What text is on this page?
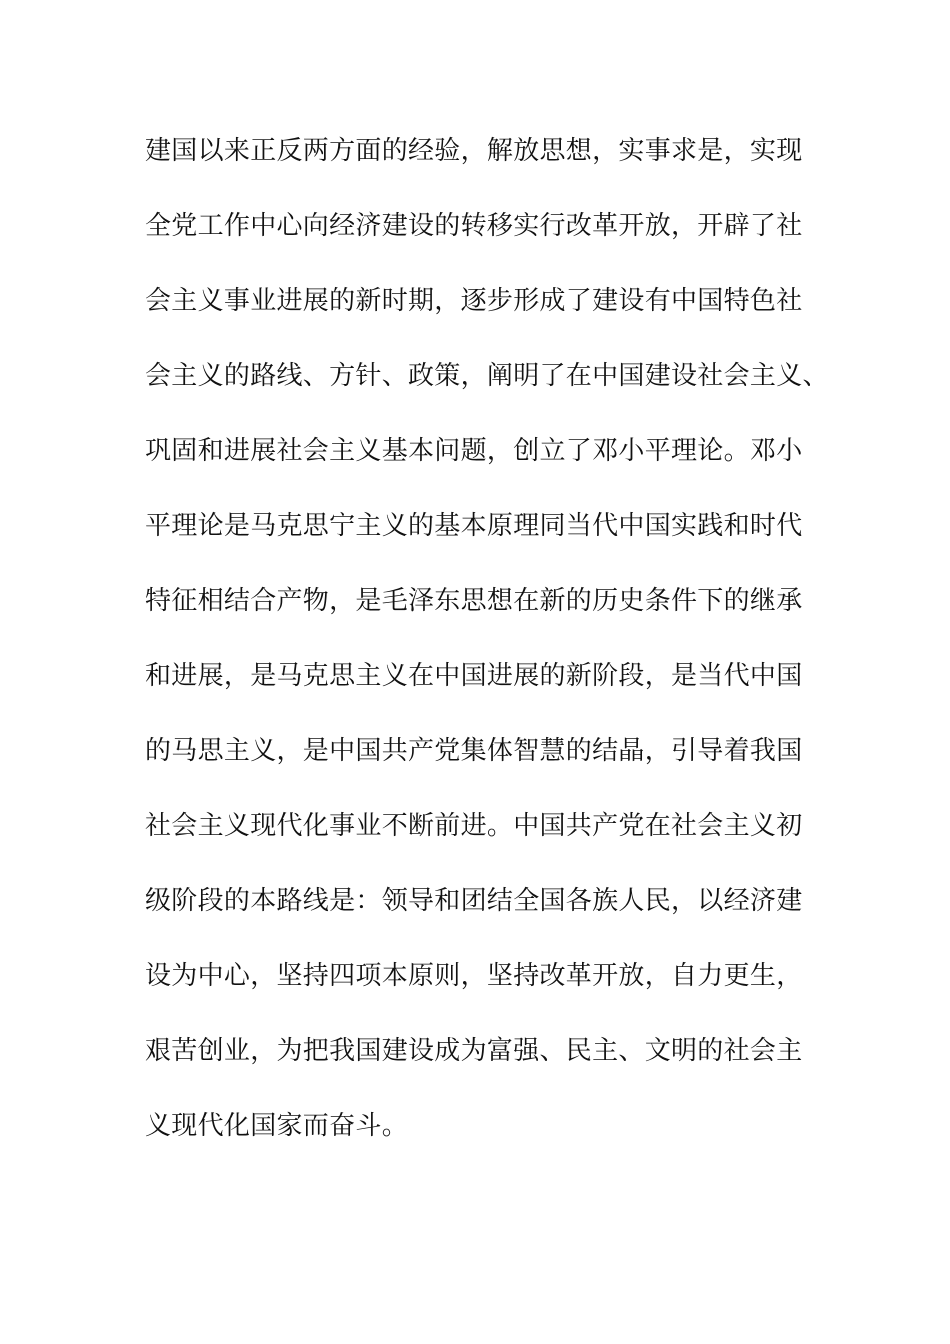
建国以来正反两方面的经验，解放思想，实事求是，实现
全党工作中心向经济建设的转移实行改革开放，开辟了社
会主义事业进展的新时期，逐步形成了建设有中国特色社
会主义的路线、方针、政策，阐明了在中国建设社会主义、
巩固和进展社会主义基本问题，创立了邓小平理论。邓小
平理论是马克思宁主义的基本原理同当代中国实践和时代
特征相结合产物，是毛泽东思想在新的历史条件下的继承
和进展，是马克思主义在中国进展的新阶段，是当代中国
的马思主义，是中国共产党集体智慧的结晶，引导着我国
社会主义现代化事业不断前进。中国共产党在社会主义初
级阶段的本路线是：领导和团结全国各族人民，以经济建
设为中心，坚持四项本原则，坚持改革开放，自力更生，
艰苦创业，为把我国建设成为富强、民主、文明的社会主
义现代化国家而奋斗。
